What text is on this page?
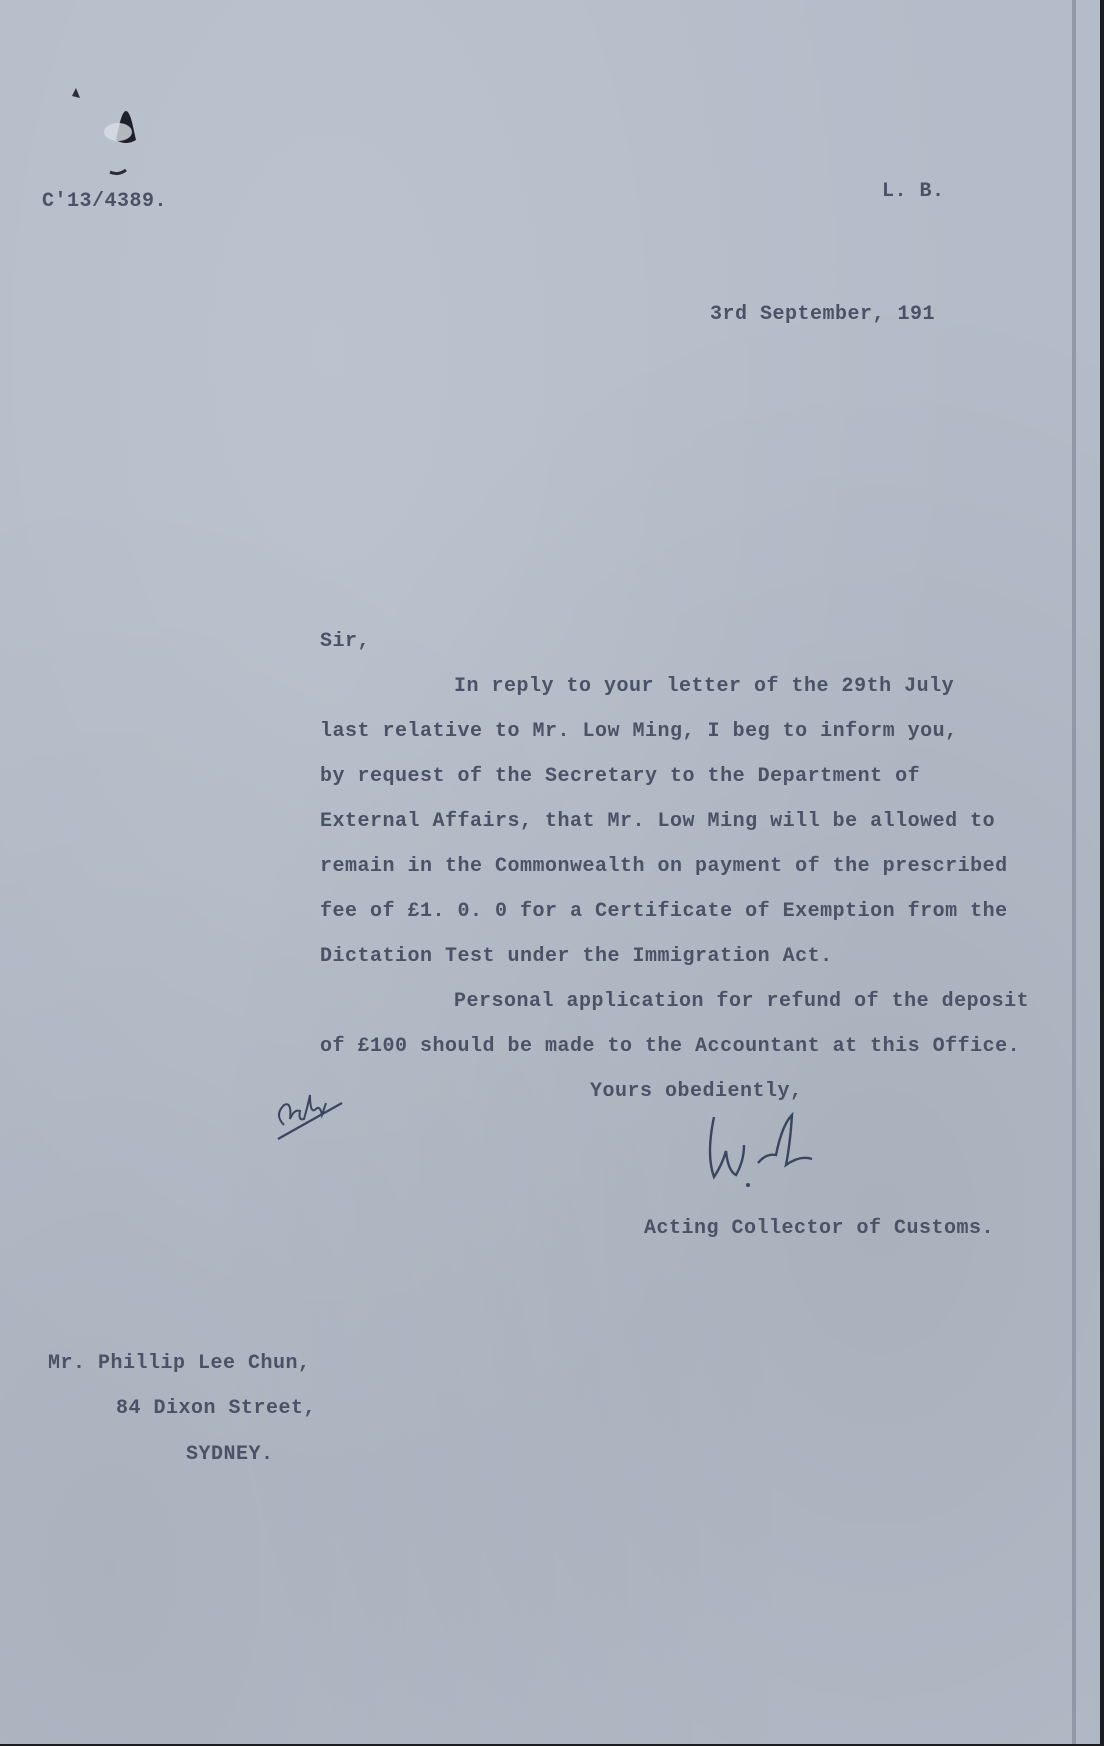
C'13/4389.	L. B.
3rd September, 191
Sir,
In reply to your letter of the 29th July
last relative to Mr. Low Ming, I beg to inform you,
by request of the Secretary to the Department of
External Affairs, that Mr. Low Ming will be allowed to
remain in the Commonwealth on payment of the prescribed
fee of £1. 0. 0 for a Certificate of Exemption from the
Dictation Test under the Immigration Act.
Personal application for refund of the deposit
of £100 should be made to the Accountant at this Office.
Yours obediently,
Acting Collector of Customs.
Mr. Phillip Lee Chun,
84 Dixon Street,
SYDNEY.
